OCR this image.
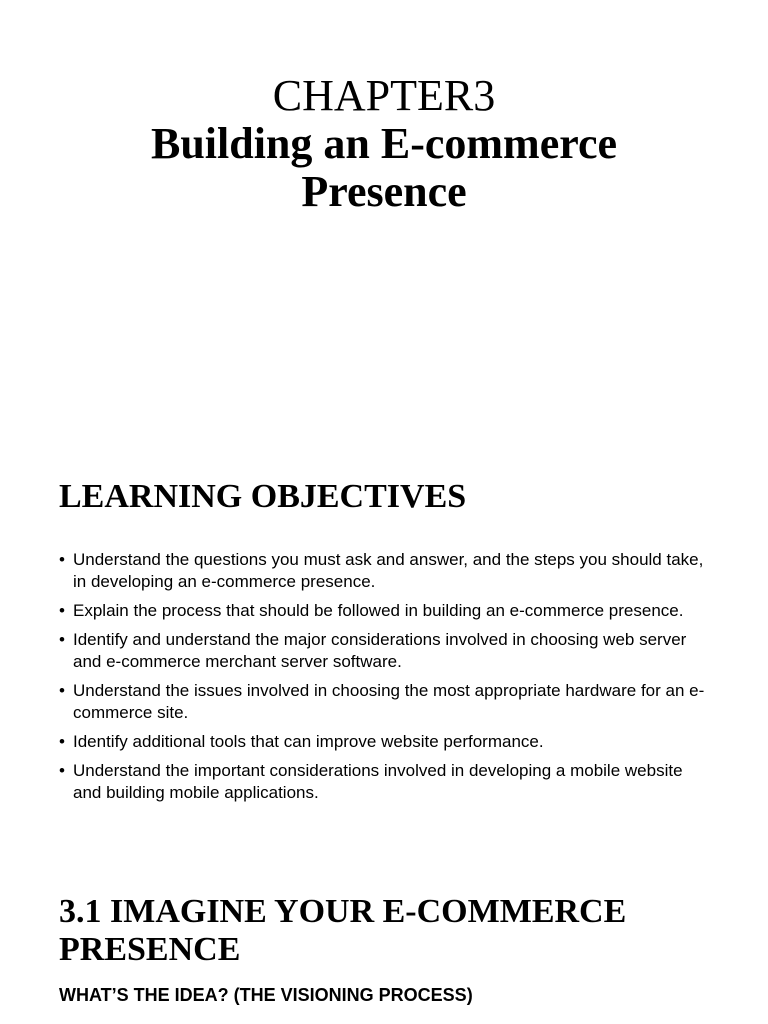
CHAPTER3
Building an E-commerce
Presence
LEARNING OBJECTIVES
• Understand the questions you must ask and answer, and the steps you should take, in developing an e-commerce presence.
• Explain the process that should be followed in building an e-commerce presence.
• Identify and understand the major considerations involved in choosing web server and e-commerce merchant server software.
• Understand the issues involved in choosing the most appropriate hardware for an e-commerce site.
• Identify additional tools that can improve website performance.
• Understand the important considerations involved in developing a mobile website and building mobile applications.
3.1 IMAGINE YOUR E-COMMERCE PRESENCE
WHAT’S THE IDEA? (THE VISIONING PROCESS)
